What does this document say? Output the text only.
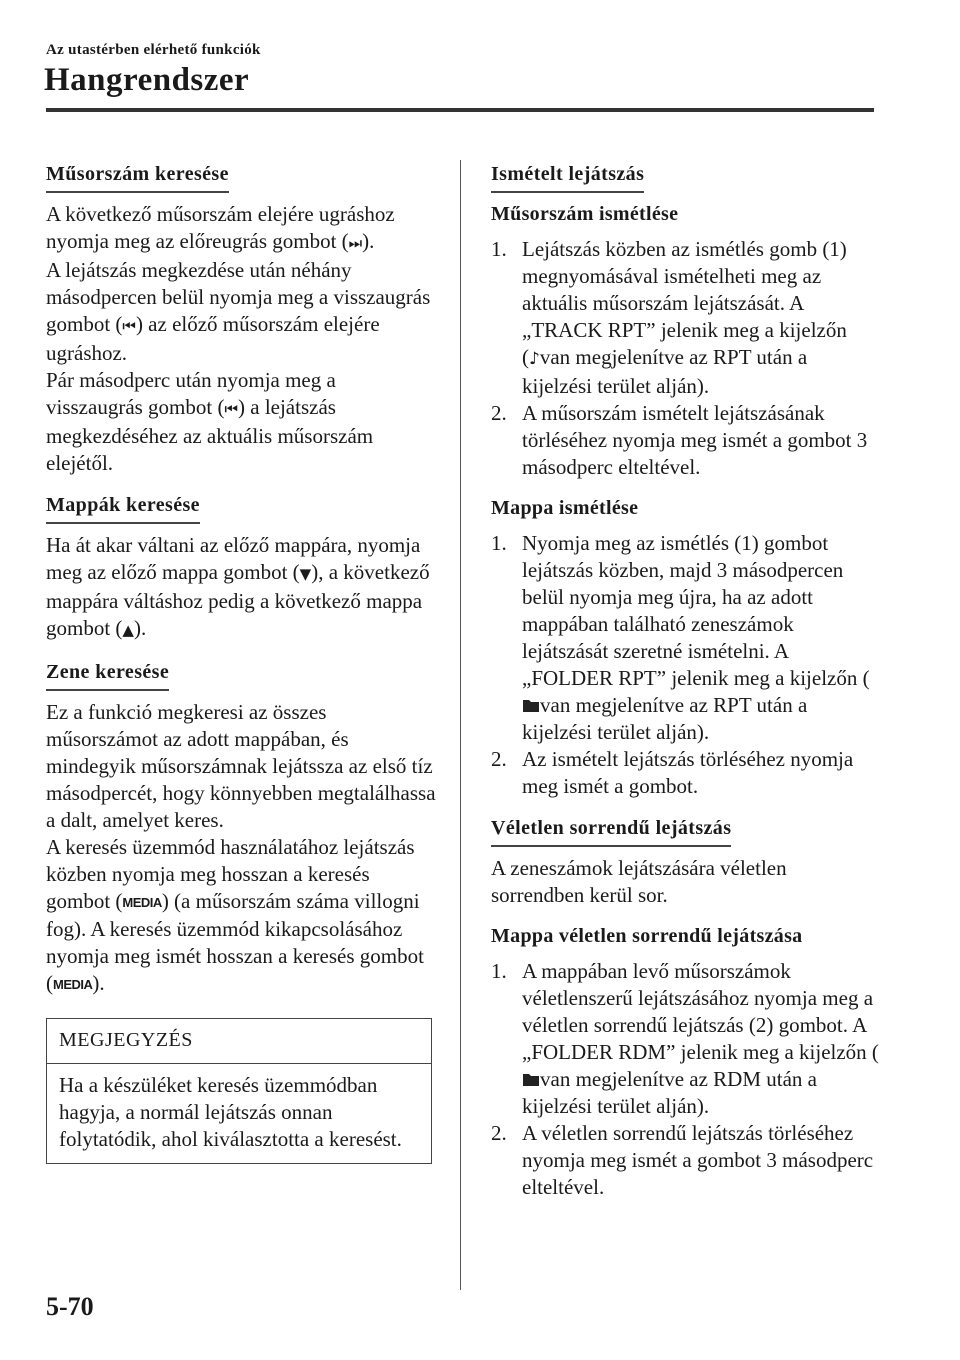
Az utastérben elérhető funkciók
Hangrendszer
Műsorszám keresése

A következő műsorszám elejére ugráshoz nyomja meg az előreugrás gombot (⏭).

A lejátszás megkezdése után néhány másodpercen belül nyomja meg a visszaugrás gombot (⏮) az előző műsorszám elejére ugráshoz.

Pár másodperc után nyomja meg a visszaugrás gombot (⏮) a lejátszás megkezdéséhez az aktuális műsorszám elejétől.

Mappák keresése

Ha át akar váltani az előző mappára, nyomja meg az előző mappa gombot (▼), a következő mappára váltáshoz pedig a következő mappa gombot (▲).

Zene keresése

Ez a funkció megkeresi az összes műsorszámot az adott mappában, és mindegyik műsorszámnak lejátssza az első tíz másodpercét, hogy könnyebben megtalálhassa a dalt, amelyet keres.

A keresés üzemmód használatához lejátszás közben nyomja meg hosszan a keresés gombot (MEDIA) (a műsorszám száma villogni fog). A keresés üzemmód kikapcsolásához nyomja meg ismét hosszan a keresés gombot (MEDIA).

MEGJEGYZÉS
Ha a készüléket keresés üzemmódban hagyja, a normál lejátszás onnan folytatódik, ahol kiválasztotta a keresést.
Ismételt lejátszás
Műsorszám ismétlése
1. Lejátszás közben az ismétlés gomb (1) megnyomásával ismételheti meg az aktuális műsorszám lejátszását. A „TRACK RPT” jelenik meg a kijelzőn (♪van megjelenítve az RPT után a kijelzési terület alján).
2. A műsorszám ismételt lejátszásának törléséhez nyomja meg ismét a gombot 3 másodperc elteltével.
Mappa ismétlése
1. Nyomja meg az ismétlés (1) gombot lejátszás közben, majd 3 másodpercen belül nyomja meg újra, ha az adott mappában található zeneszámok lejátszását szeretné ismételni. A „FOLDER RPT” jelenik meg a kijelzőn (van megjelenítve az RPT után a kijelzési terület alján).
2. Az ismételt lejátszás törléséhez nyomja meg ismét a gombot.
Véletlen sorrendű lejátszás

A zeneszámok lejátszására véletlen sorrendben kerül sor.

Mappa véletlen sorrendű lejátszása
1. A mappában levő műsorszámok véletlenszerű lejátszásához nyomja meg a véletlen sorrendű lejátszás (2) gombot. A „FOLDER RDM” jelenik meg a kijelzőn (van megjelenítve az RDM után a kijelzési terület alján).
2. A véletlen sorrendű lejátszás törléséhez nyomja meg ismét a gombot 3 másodperc elteltével.
5-70
